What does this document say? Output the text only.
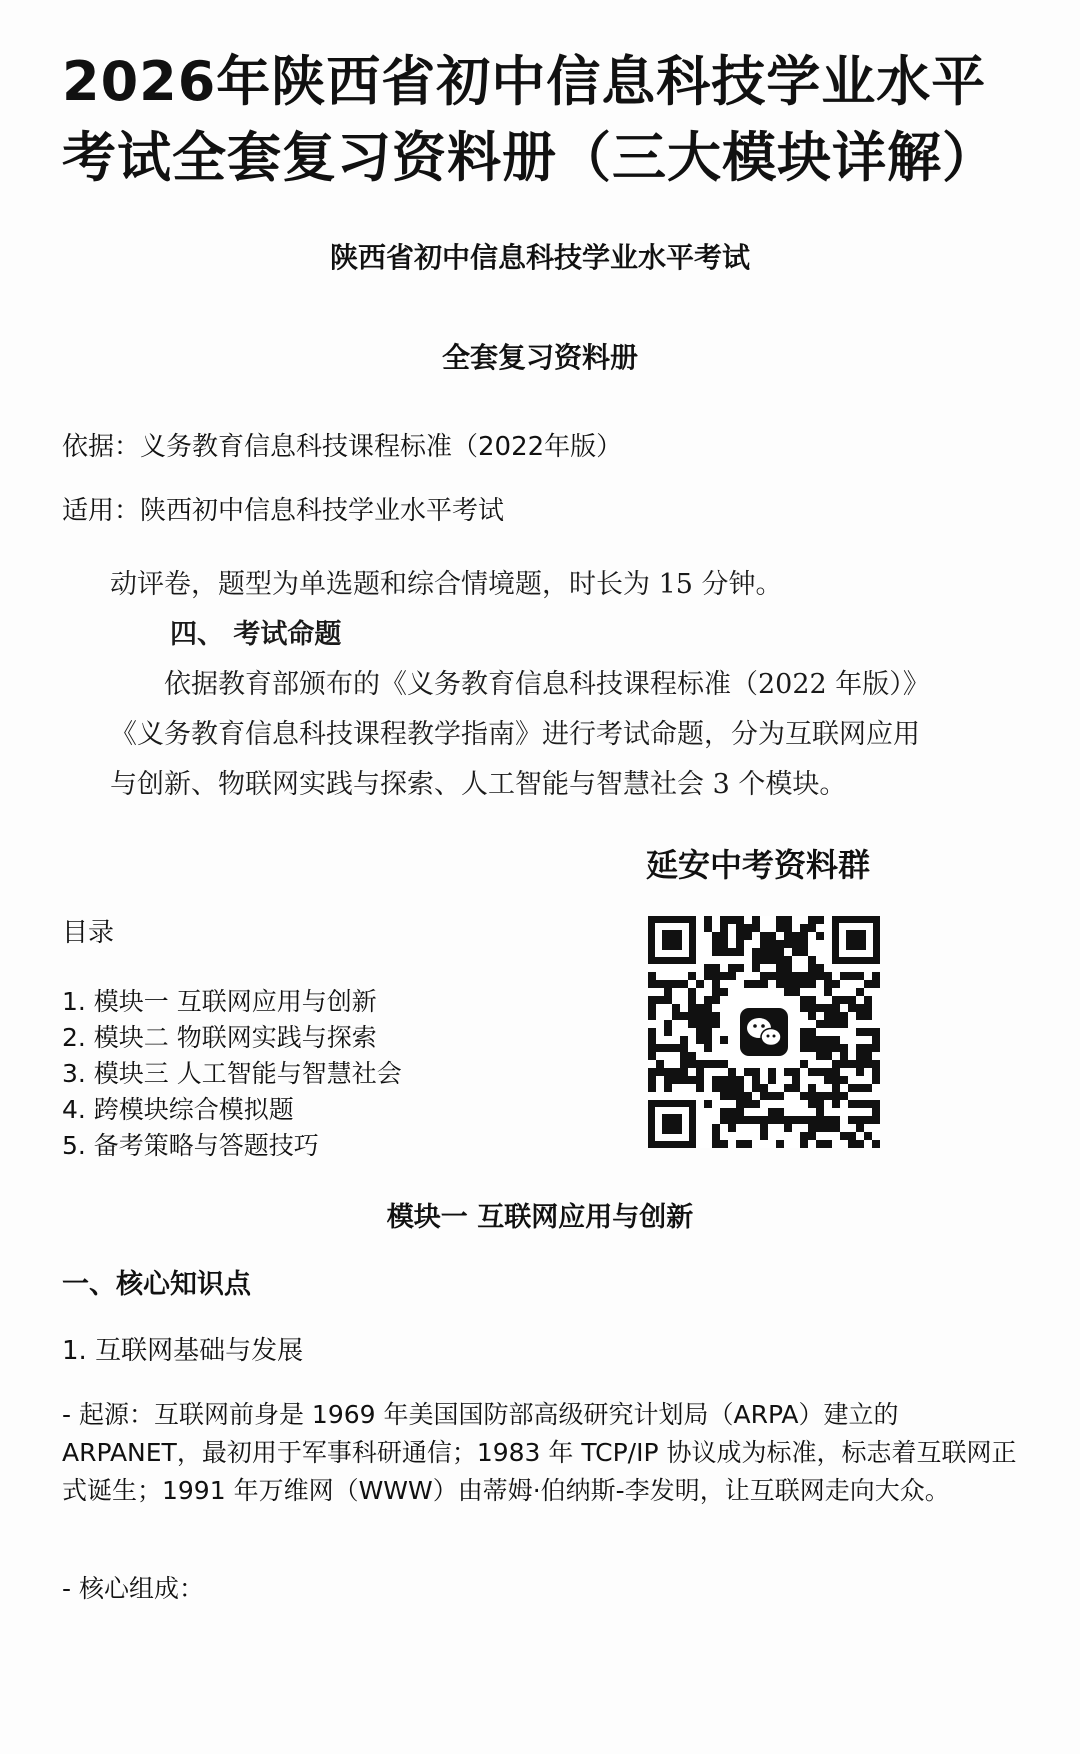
2026年陕西省初中信息科技学业水平考试全套复习资料册（三大模块详解）
陕西省初中信息科技学业水平考试
全套复习资料册

依据：义务教育信息科技课程标准（2022年版）

适用：陕西初中信息科技学业水平考试

动评卷，题型为单选题和综合情境题，时长为 15 分钟。

四、 考试命题

依据教育部颁布的《义务教育信息科技课程标准（2022 年版）》《义务教育信息科技课程教学指南》进行考试命题，分为互联网应用与创新、物联网实践与探索、人工智能与智慧社会 3 个模块。

延安中考资料群

目录

1. 模块一 互联网应用与创新
2. 模块二 物联网实践与探索
3. 模块三 人工智能与智慧社会
4. 跨模块综合模拟题
5. 备考策略与答题技巧
模块一 互联网应用与创新

一、核心知识点

1. 互联网基础与发展

- 起源：互联网前身是 1969 年美国国防部高级研究计划局（ARPA）建立的 ARPANET，最初用于军事科研通信；1983 年 TCP/IP 协议成为标准，标志着互联网正式诞生；1991 年万维网（WWW）由蒂姆·伯纳斯-李发明，让互联网走向大众。

- 核心组成：
